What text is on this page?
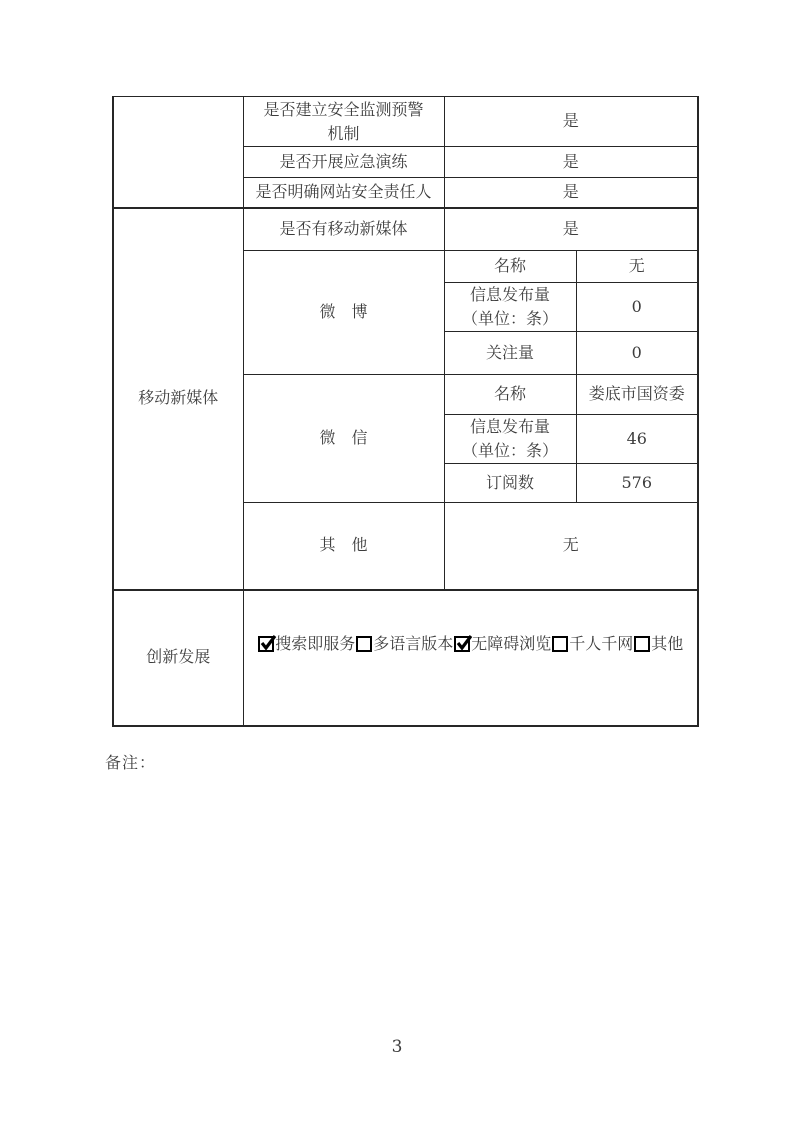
	是否建立安全监测预警
机制	是	
	是否开展应急演练	是	
	是否明确网站安全责任人	是	
移动新媒体	是否有移动新媒体	是	
	微　博	名称	无

		信息发布量
（单位：条）	0
		关注量	0
	微　信	名称	娄底市国资委

		信息发布量
（单位：条）	46
		订阅数	576
	其　他	无	
创新发展	搜索即服务 多语言版本 无障碍浏览 千人千网 其他		
备注：
3
